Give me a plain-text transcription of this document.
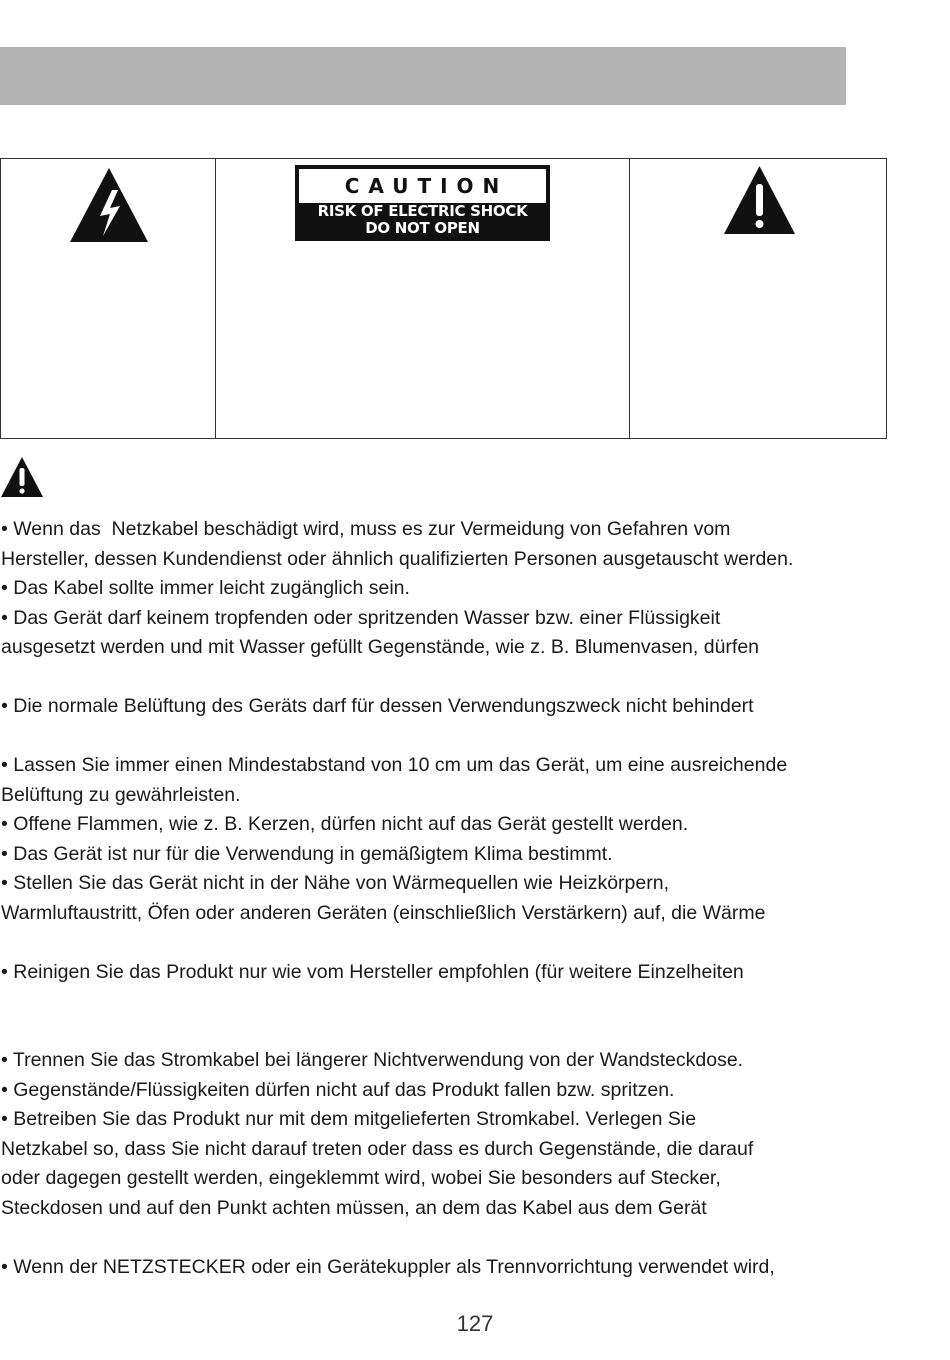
CAUTION
RISK OF ELECTRIC SHOCK
DO NOT OPEN
• Wenn das  Netzkabel beschädigt wird, muss es zur Vermeidung von Gefahren vom
Hersteller, dessen Kundendienst oder ähnlich qualifizierten Personen ausgetauscht werden.
• Das Kabel sollte immer leicht zugänglich sein.
• Das Gerät darf keinem tropfenden oder spritzenden Wasser bzw. einer Flüssigkeit
ausgesetzt werden und mit Wasser gefüllt Gegenstände, wie z. B. Blumenvasen, dürfen
• Die normale Belüftung des Geräts darf für dessen Verwendungszweck nicht behindert
• Lassen Sie immer einen Mindestabstand von 10 cm um das Gerät, um eine ausreichende
Belüftung zu gewährleisten.
• Offene Flammen, wie z. B. Kerzen, dürfen nicht auf das Gerät gestellt werden.
• Das Gerät ist nur für die Verwendung in gemäßigtem Klima bestimmt.
• Stellen Sie das Gerät nicht in der Nähe von Wärmequellen wie Heizkörpern,
Warmluftaustritt, Öfen oder anderen Geräten (einschließlich Verstärkern) auf, die Wärme
• Reinigen Sie das Produkt nur wie vom Hersteller empfohlen (für weitere Einzelheiten
• Trennen Sie das Stromkabel bei längerer Nichtverwendung von der Wandsteckdose.
• Gegenstände/Flüssigkeiten dürfen nicht auf das Produkt fallen bzw. spritzen.
• Betreiben Sie das Produkt nur mit dem mitgelieferten Stromkabel. Verlegen Sie
Netzkabel so, dass Sie nicht darauf treten oder dass es durch Gegenstände, die darauf
oder dagegen gestellt werden, eingeklemmt wird, wobei Sie besonders auf Stecker,
Steckdosen und auf den Punkt achten müssen, an dem das Kabel aus dem Gerät
• Wenn der NETZSTECKER oder ein Gerätekuppler als Trennvorrichtung verwendet wird,
127
